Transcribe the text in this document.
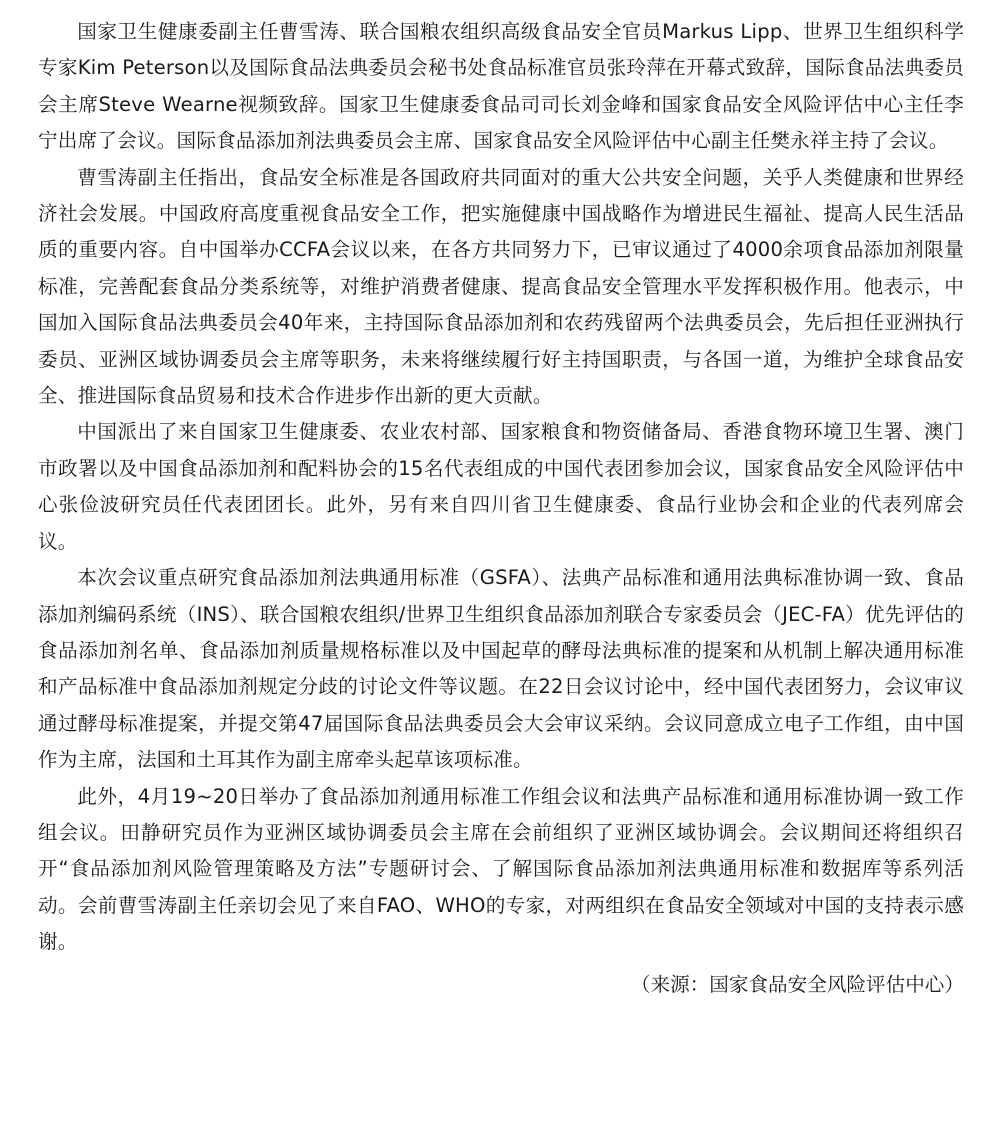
国家卫生健康委副主任曹雪涛、联合国粮农组织高级食品安全官员Markus Lipp、世界卫生组织科学专家Kim Peterson以及国际食品法典委员会秘书处食品标准官员张玲萍在开幕式致辞，国际食品法典委员会主席Steve Wearne视频致辞。国家卫生健康委食品司司长刘金峰和国家食品安全风险评估中心主任李宁出席了会议。国际食品添加剂法典委员会主席、国家食品安全风险评估中心副主任樊永祥主持了会议。

曹雪涛副主任指出，食品安全标准是各国政府共同面对的重大公共安全问题，关乎人类健康和世界经济社会发展。中国政府高度重视食品安全工作，把实施健康中国战略作为增进民生福祉、提高人民生活品质的重要内容。自中国举办CCFA会议以来，在各方共同努力下，已审议通过了4000余项食品添加剂限量标准，完善配套食品分类系统等，对维护消费者健康、提高食品安全管理水平发挥积极作用。他表示，中国加入国际食品法典委员会40年来，主持国际食品添加剂和农药残留两个法典委员会，先后担任亚洲执行委员、亚洲区域协调委员会主席等职务，未来将继续履行好主持国职责，与各国一道，为维护全球食品安全、推进国际食品贸易和技术合作进步作出新的更大贡献。

中国派出了来自国家卫生健康委、农业农村部、国家粮食和物资储备局、香港食物环境卫生署、澳门市政署以及中国食品添加剂和配料协会的15名代表组成的中国代表团参加会议，国家食品安全风险评估中心张俭波研究员任代表团团长。此外，另有来自四川省卫生健康委、食品行业协会和企业的代表列席会议。

本次会议重点研究食品添加剂法典通用标准（GSFA）、法典产品标准和通用法典标准协调一致、食品添加剂编码系统（INS）、联合国粮农组织/世界卫生组织食品添加剂联合专家委员会（JEC-FA）优先评估的食品添加剂名单、食品添加剂质量规格标准以及中国起草的酵母法典标准的提案和从机制上解决通用标准和产品标准中食品添加剂规定分歧的讨论文件等议题。在22日会议讨论中，经中国代表团努力，会议审议通过酵母标准提案，并提交第47届国际食品法典委员会大会审议采纳。会议同意成立电子工作组，由中国作为主席，法国和土耳其作为副主席牵头起草该项标准。

此外，4月19~20日举办了食品添加剂通用标准工作组会议和法典产品标准和通用标准协调一致工作组会议。田静研究员作为亚洲区域协调委员会主席在会前组织了亚洲区域协调会。会议期间还将组织召开“食品添加剂风险管理策略及方法”专题研讨会、了解国际食品添加剂法典通用标准和数据库等系列活动。会前曹雪涛副主任亲切会见了来自FAO、WHO的专家，对两组织在食品安全领域对中国的支持表示感谢。

（来源：国家食品安全风险评估中心）
